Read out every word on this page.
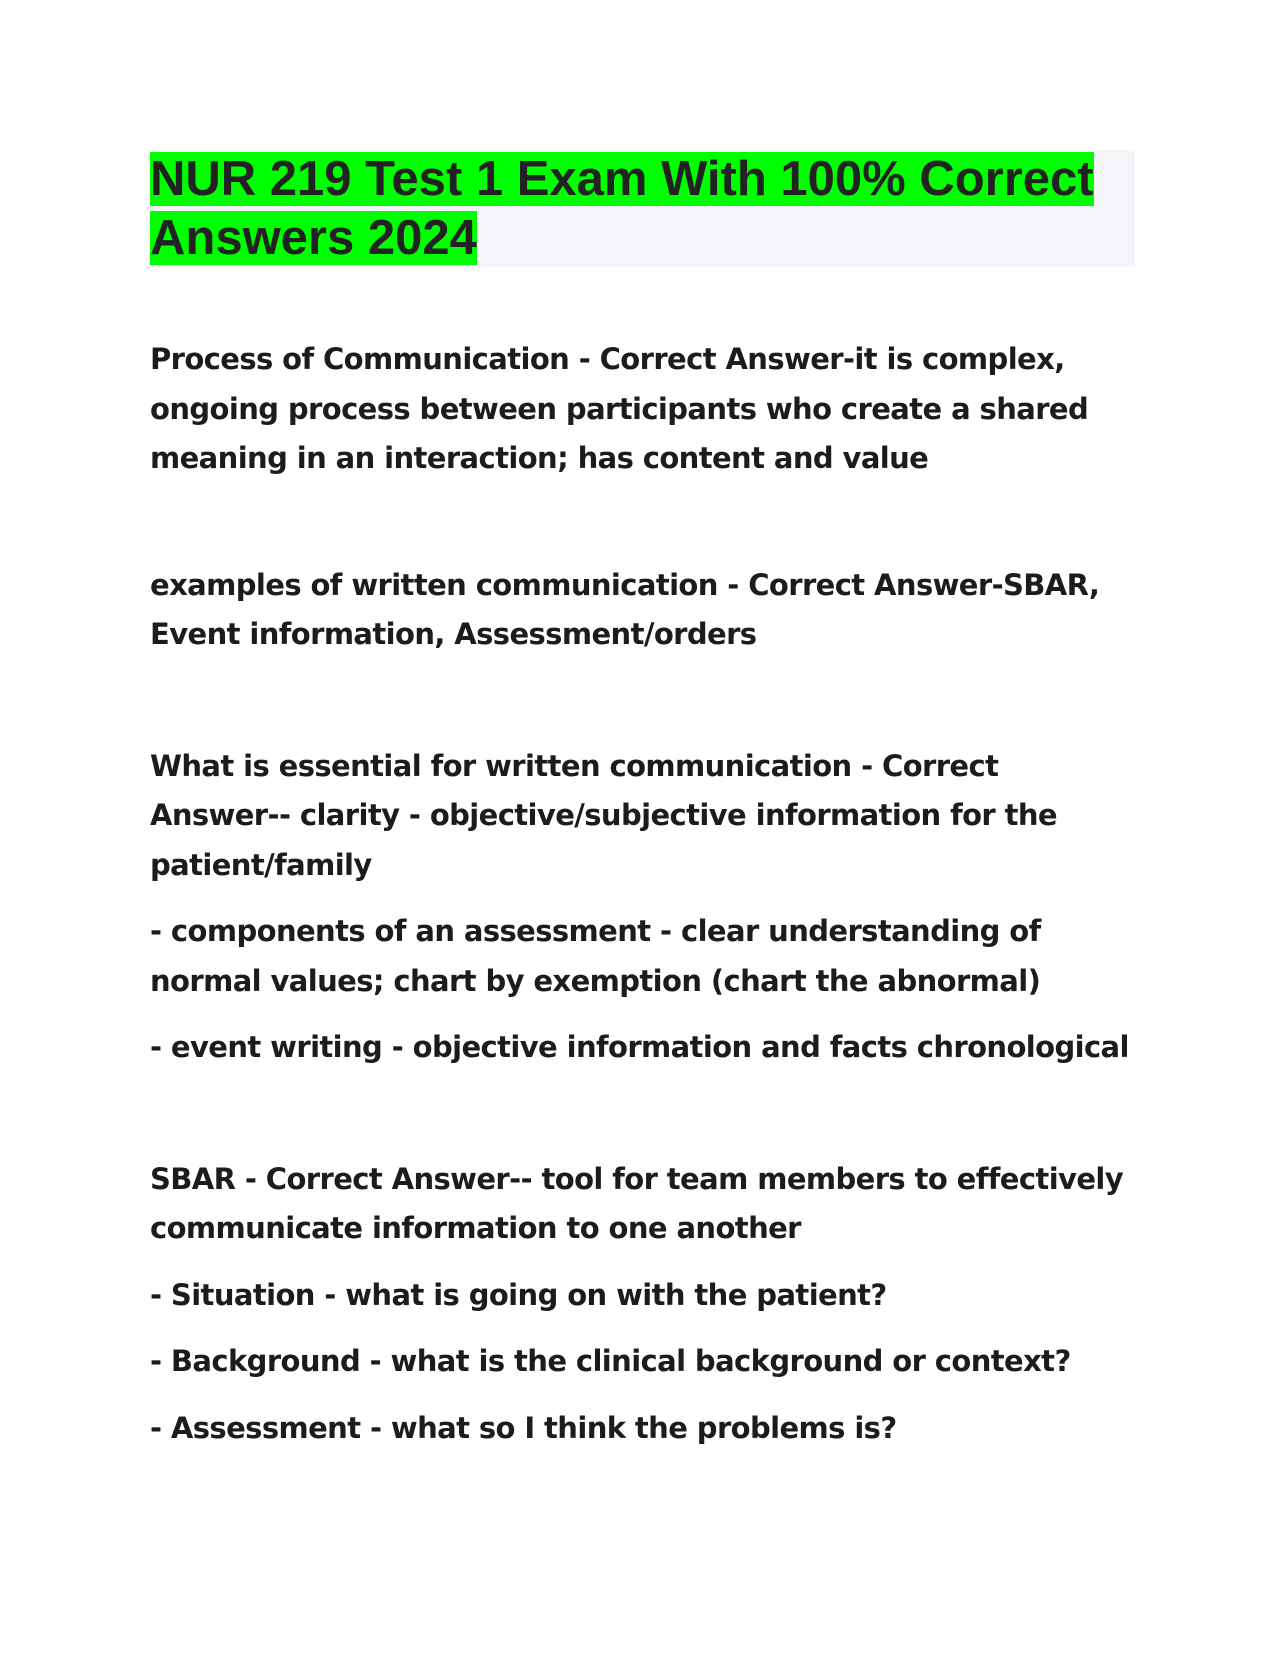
NUR 219 Test 1 Exam With 100% Correct Answers 2024

Process of Communication - Correct Answer-it is complex, ongoing process between participants who create a shared meaning in an interaction; has content and value

examples of written communication - Correct Answer-SBAR, Event information, Assessment/orders

What is essential for written communication - Correct Answer-- clarity - objective/subjective information for the patient/family

- components of an assessment - clear understanding of normal values; chart by exemption (chart the abnormal)

- event writing - objective information and facts chronological

SBAR - Correct Answer-- tool for team members to effectively communicate information to one another

- Situation - what is going on with the patient?

- Background - what is the clinical background or context?

- Assessment - what so I think the problems is?
